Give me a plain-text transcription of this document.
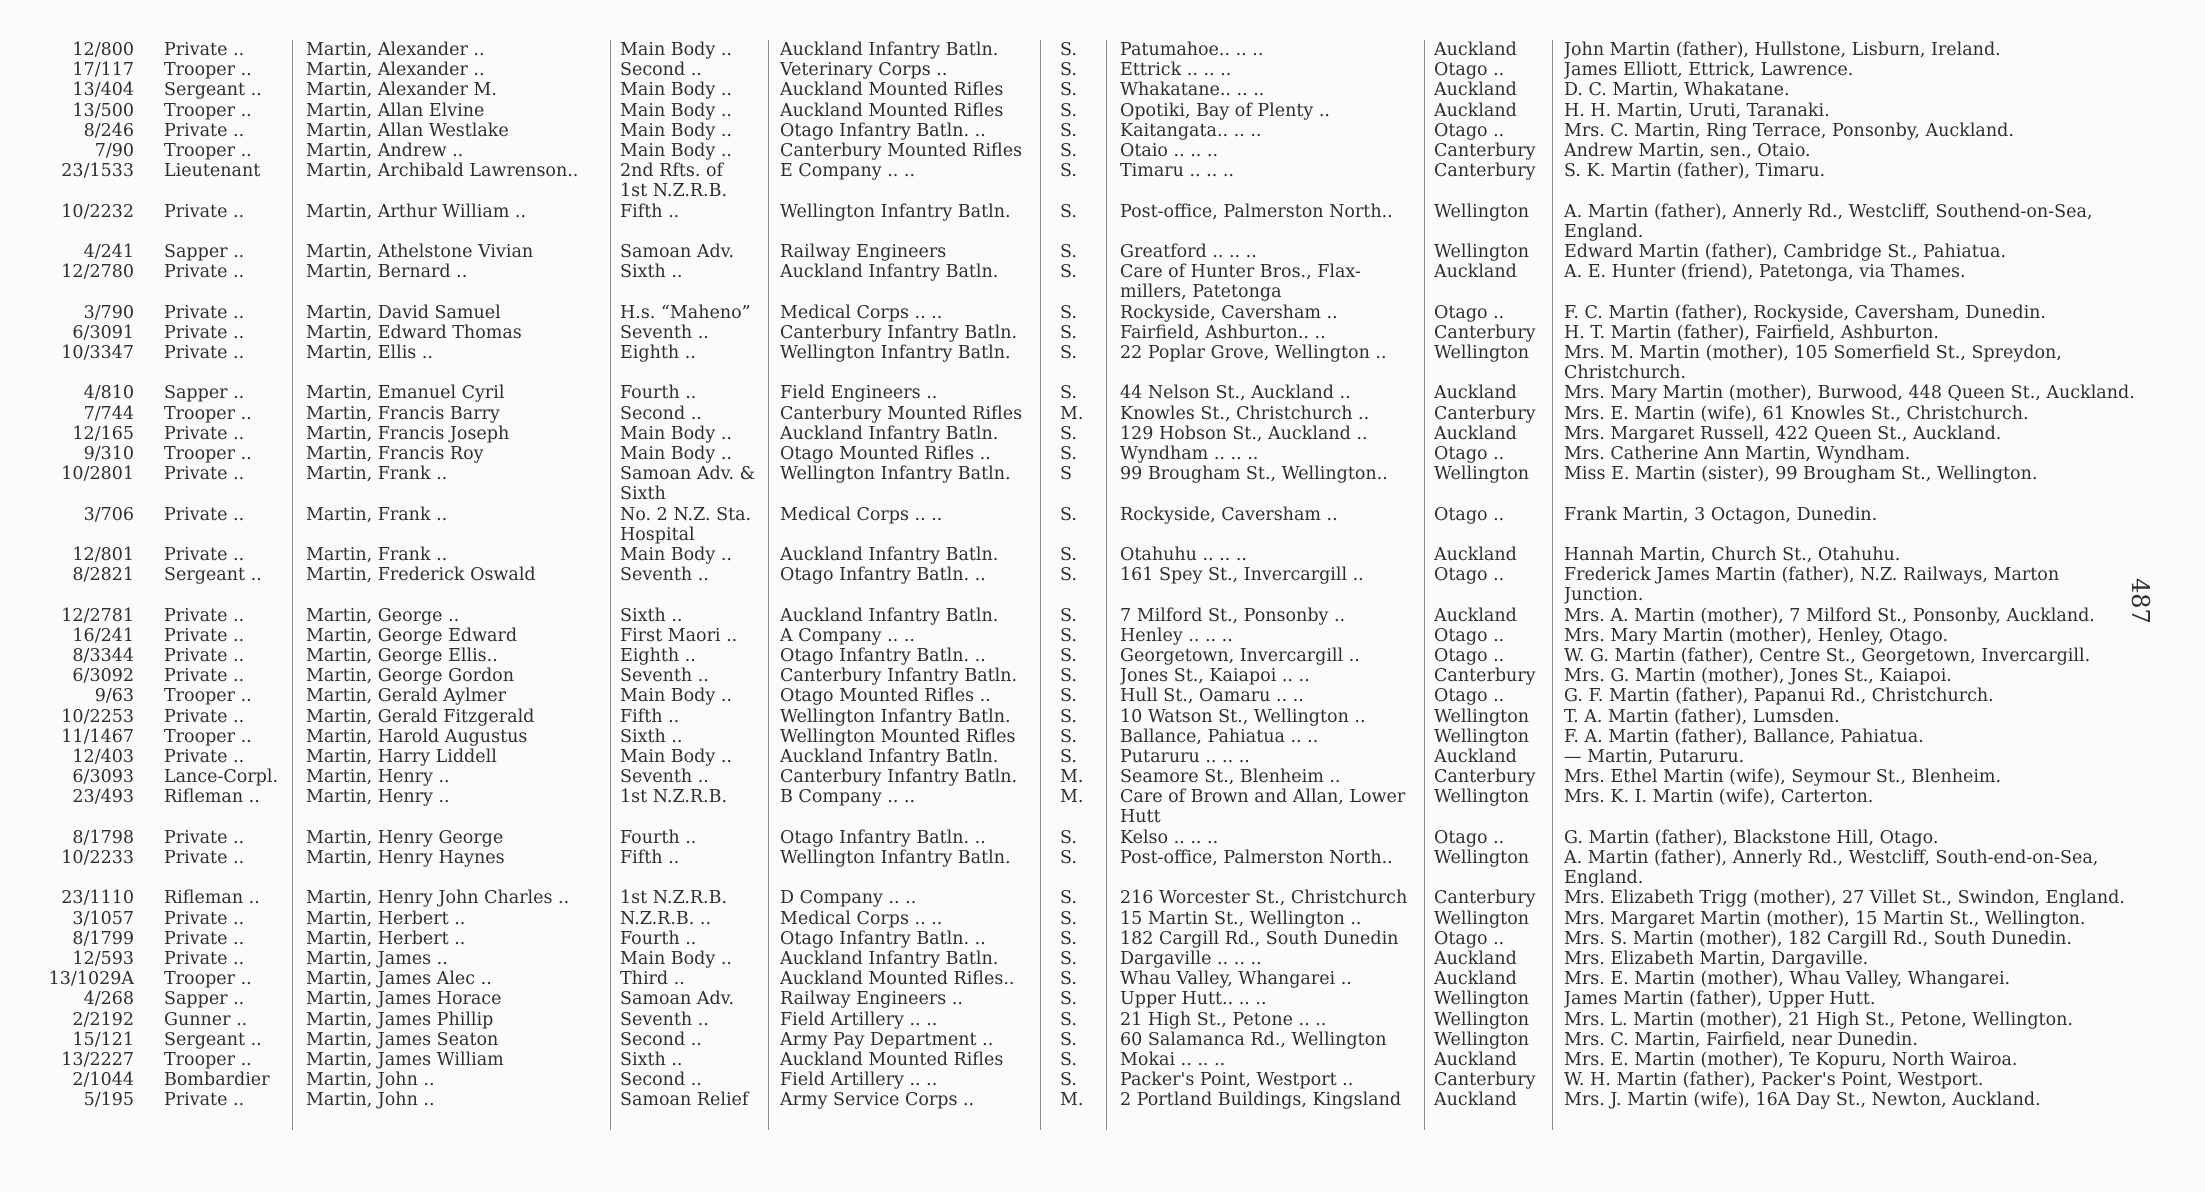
12/800 Private ..	Martin, Alexander ..	Main Body ..	Auckland Infantry Batln.	S.	Patumahoe.. .. ..	Auckland	John Martin (father), Hullstone, Lisburn, Ireland.
17/117 Trooper ..	Martin, Alexander ..	Second ..	Veterinary Corps ..	S.	Ettrick .. .. ..	Otago ..	James Elliott, Ettrick, Lawrence.
13/404 Sergeant ..	Martin, Alexander M.	Main Body ..	Auckland Mounted Rifles	S.	Whakatane.. .. ..	Auckland	D. C. Martin, Whakatane.
13/500 Trooper ..	Martin, Allan Elvine	Main Body ..	Auckland Mounted Rifles	S.	Opotiki, Bay of Plenty ..	Auckland	H. H. Martin, Uruti, Taranaki.
8/246 Private ..	Martin, Allan Westlake	Main Body ..	Otago Infantry Batln. ..	S.	Kaitangata.. .. ..	Otago ..	Mrs. C. Martin, Ring Terrace, Ponsonby, Auckland.
7/90 Trooper ..	Martin, Andrew ..	Main Body ..	Canterbury Mounted Rifles	S.	Otaio .. .. ..	Canterbury	Andrew Martin, sen., Otaio.
23/1533 Lieutenant	Martin, Archibald Lawrenson..	2nd Rfts. of
1st N.Z.R.B.
E Company .. ..	S.	Timaru .. .. ..	Canterbury	S. K. Martin (father), Timaru.
10/2232 Private ..	Martin, Arthur William ..	Fifth ..	Wellington Infantry Batln.	S.	Post-office, Palmerston North..	Wellington	A. Martin (father), Annerly Rd., Westcliff, Southend-on-Sea,
England.
4/241 Sapper ..	Martin, Athelstone Vivian	Samoan Adv.	Railway Engineers	S.	Greatford .. .. ..	Wellington	Edward Martin (father), Cambridge St., Pahiatua.
12/2780 Private ..	Martin, Bernard ..	Sixth ..	Auckland Infantry Batln.	S.	Care of Hunter Bros., Flax-
millers, Patetonga
Auckland	A. E. Hunter (friend), Patetonga, via Thames.
3/790 Private ..	Martin, David Samuel	H.s. “Maheno”	Medical Corps .. ..	S.	Rockyside, Caversham ..	Otago ..	F. C. Martin (father), Rockyside, Caversham, Dunedin.
6/3091 Private ..	Martin, Edward Thomas	Seventh ..	Canterbury Infantry Batln.	S.	Fairfield, Ashburton.. ..	Canterbury	H. T. Martin (father), Fairfield, Ashburton.
10/3347 Private ..	Martin, Ellis ..	Eighth ..	Wellington Infantry Batln.	S.	22 Poplar Grove, Wellington ..	Wellington	Mrs. M. Martin (mother), 105 Somerfield St., Spreydon,
Christchurch.
4/810 Sapper ..	Martin, Emanuel Cyril	Fourth ..	Field Engineers ..	S.	44 Nelson St., Auckland ..	Auckland	Mrs. Mary Martin (mother), Burwood, 448 Queen St., Auckland.
7/744 Trooper ..	Martin, Francis Barry	Second ..	Canterbury Mounted Rifles	M.	Knowles St., Christchurch ..	Canterbury	Mrs. E. Martin (wife), 61 Knowles St., Christchurch.
12/165 Private ..	Martin, Francis Joseph	Main Body ..	Auckland Infantry Batln.	S.	129 Hobson St., Auckland ..	Auckland	Mrs. Margaret Russell, 422 Queen St., Auckland.
9/310 Trooper ..	Martin, Francis Roy	Main Body ..	Otago Mounted Rifles ..	S.	Wyndham .. .. ..	Otago ..	Mrs. Catherine Ann Martin, Wyndham.
10/2801 Private ..	Martin, Frank ..	Samoan Adv. &
Sixth
Wellington Infantry Batln.	S	99 Brougham St., Wellington..	Wellington	Miss E. Martin (sister), 99 Brougham St., Wellington.
3/706 Private ..	Martin, Frank ..	No. 2 N.Z. Sta.
Hospital
Medical Corps .. ..	S.	Rockyside, Caversham ..	Otago ..	Frank Martin, 3 Octagon, Dunedin.
12/801 Private ..	Martin, Frank ..	Main Body ..	Auckland Infantry Batln.	S.	Otahuhu .. .. ..	Auckland	Hannah Martin, Church St., Otahuhu.
8/2821 Sergeant ..	Martin, Frederick Oswald	Seventh ..	Otago Infantry Batln. ..	S.	161 Spey St., Invercargill ..	Otago ..	Frederick James Martin (father), N.Z. Railways, Marton
Junction.
12/2781 Private ..	Martin, George ..	Sixth ..	Auckland Infantry Batln.	S.	7 Milford St., Ponsonby ..	Auckland	Mrs. A. Martin (mother), 7 Milford St., Ponsonby, Auckland.
16/241 Private ..	Martin, George Edward	First Maori ..	A Company .. ..	S.	Henley .. .. ..	Otago ..	Mrs. Mary Martin (mother), Henley, Otago.
8/3344 Private ..	Martin, George Ellis..	Eighth ..	Otago Infantry Batln. ..	S.	Georgetown, Invercargill ..	Otago ..	W. G. Martin (father), Centre St., Georgetown, Invercargill.
6/3092 Private ..	Martin, George Gordon	Seventh ..	Canterbury Infantry Batln.	S.	Jones St., Kaiapoi .. ..	Canterbury	Mrs. G. Martin (mother), Jones St., Kaiapoi.
9/63 Trooper ..	Martin, Gerald Aylmer	Main Body ..	Otago Mounted Rifles ..	S.	Hull St., Oamaru .. ..	Otago ..	G. F. Martin (father), Papanui Rd., Christchurch.
10/2253 Private ..	Martin, Gerald Fitzgerald	Fifth ..	Wellington Infantry Batln.	S.	10 Watson St., Wellington ..	Wellington	T. A. Martin (father), Lumsden.
11/1467 Trooper ..	Martin, Harold Augustus	Sixth ..	Wellington Mounted Rifles	S.	Ballance, Pahiatua .. ..	Wellington	F. A. Martin (father), Ballance, Pahiatua.
12/403 Private ..	Martin, Harry Liddell	Main Body ..	Auckland Infantry Batln.	S.	Putaruru .. .. ..	Auckland	— Martin, Putaruru.
6/3093 Lance-Corpl.	Martin, Henry ..	Seventh ..	Canterbury Infantry Batln.	M.	Seamore St., Blenheim ..	Canterbury	Mrs. Ethel Martin (wife), Seymour St., Blenheim.
23/493 Rifleman ..	Martin, Henry ..	1st N.Z.R.B.	B Company .. ..	M.	Care of Brown and Allan, Lower
Hutt
Wellington	Mrs. K. I. Martin (wife), Carterton.
8/1798 Private ..	Martin, Henry George	Fourth ..	Otago Infantry Batln. ..	S.	Kelso .. .. ..	Otago ..	G. Martin (father), Blackstone Hill, Otago.
10/2233 Private ..	Martin, Henry Haynes	Fifth ..	Wellington Infantry Batln.	S.	Post-office, Palmerston North..	Wellington	A. Martin (father), Annerly Rd., Westcliff, South-end-on-Sea,
England.
23/1110 Rifleman ..	Martin, Henry John Charles ..	1st N.Z.R.B.	D Company .. ..	S.	216 Worcester St., Christchurch	Canterbury	Mrs. Elizabeth Trigg (mother), 27 Villet St., Swindon, England.
3/1057 Private ..	Martin, Herbert ..	N.Z.R.B. ..	Medical Corps .. ..	S.	15 Martin St., Wellington ..	Wellington	Mrs. Margaret Martin (mother), 15 Martin St., Wellington.
8/1799 Private ..	Martin, Herbert ..	Fourth ..	Otago Infantry Batln. ..	S.	182 Cargill Rd., South Dunedin	Otago ..	Mrs. S. Martin (mother), 182 Cargill Rd., South Dunedin.
12/593 Private ..	Martin, James ..	Main Body ..	Auckland Infantry Batln.	S.	Dargaville .. .. ..	Auckland	Mrs. Elizabeth Martin, Dargaville.
13/1029A Trooper ..	Martin, James Alec ..	Third ..	Auckland Mounted Rifles..	S.	Whau Valley, Whangarei ..	Auckland	Mrs. E. Martin (mother), Whau Valley, Whangarei.
4/268 Sapper ..	Martin, James Horace	Samoan Adv.	Railway Engineers ..	S.	Upper Hutt.. .. ..	Wellington	James Martin (father), Upper Hutt.
2/2192 Gunner ..	Martin, James Phillip	Seventh ..	Field Artillery .. ..	S.	21 High St., Petone .. ..	Wellington	Mrs. L. Martin (mother), 21 High St., Petone, Wellington.
15/121 Sergeant ..	Martin, James Seaton	Second ..	Army Pay Department ..	S.	60 Salamanca Rd., Wellington	Wellington	Mrs. C. Martin, Fairfield, near Dunedin.
13/2227 Trooper ..	Martin, James William	Sixth ..	Auckland Mounted Rifles	S.	Mokai .. .. ..	Auckland	Mrs. E. Martin (mother), Te Kopuru, North Wairoa.
2/1044 Bombardier	Martin, John ..	Second ..	Field Artillery .. ..	S.	Packer's Point, Westport ..	Canterbury	W. H. Martin (father), Packer's Point, Westport.
5/195 Private ..	Martin, John ..	Samoan Relief	Army Service Corps ..	M.	2 Portland Buildings, Kingsland	Auckland	Mrs. J. Martin (wife), 16A Day St., Newton, Auckland.
487
